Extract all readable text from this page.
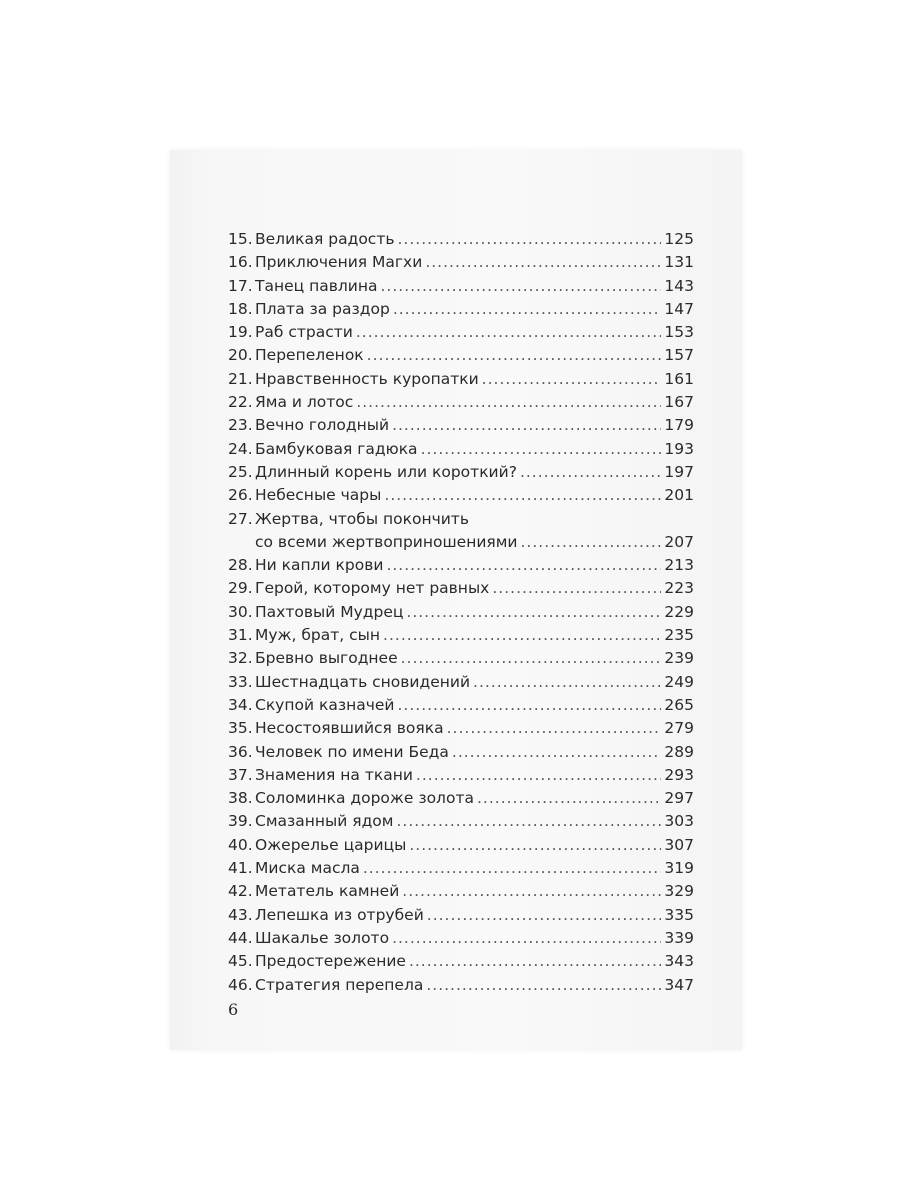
15. Великая радость .....	125
16. Приключения Магхи .....	131
17. Танец павлина .....	143
18. Плата за раздор .....	147
19. Раб страсти .....	153
20. Перепеленок .....	157
21. Нравственность куропатки .....	161
22. Яма и лотос .....	167
23. Вечно голодный .....	179
24. Бамбуковая гадюка .....	193
25. Длинный корень или короткий? .....	197
26. Небесные чары .....	201
27. Жертва, чтобы покончить
со всеми жертвоприношениями .....	207
28. Ни капли крови .....	213
29. Герой, которому нет равных .....	223
30. Пахтовый Мудрец .....	229
31. Муж, брат, сын .....	235
32. Бревно выгоднее .....	239
33. Шестнадцать сновидений .....	249
34. Скупой казначей .....	265
35. Несостоявшийся вояка .....	279
36. Человек по имени Беда .....	289
37. Знамения на ткани .....	293
38. Соломинка дороже золота .....	297
39. Смазанный ядом .....	303
40. Ожерелье царицы .....	307
41. Миска масла .....	319
42. Метатель камней .....	329
43. Лепешка из отрубей .....	335
44. Шакалье золото .....	339
45. Предостережение .....	343
46. Стратегия перепела .....	347
6
